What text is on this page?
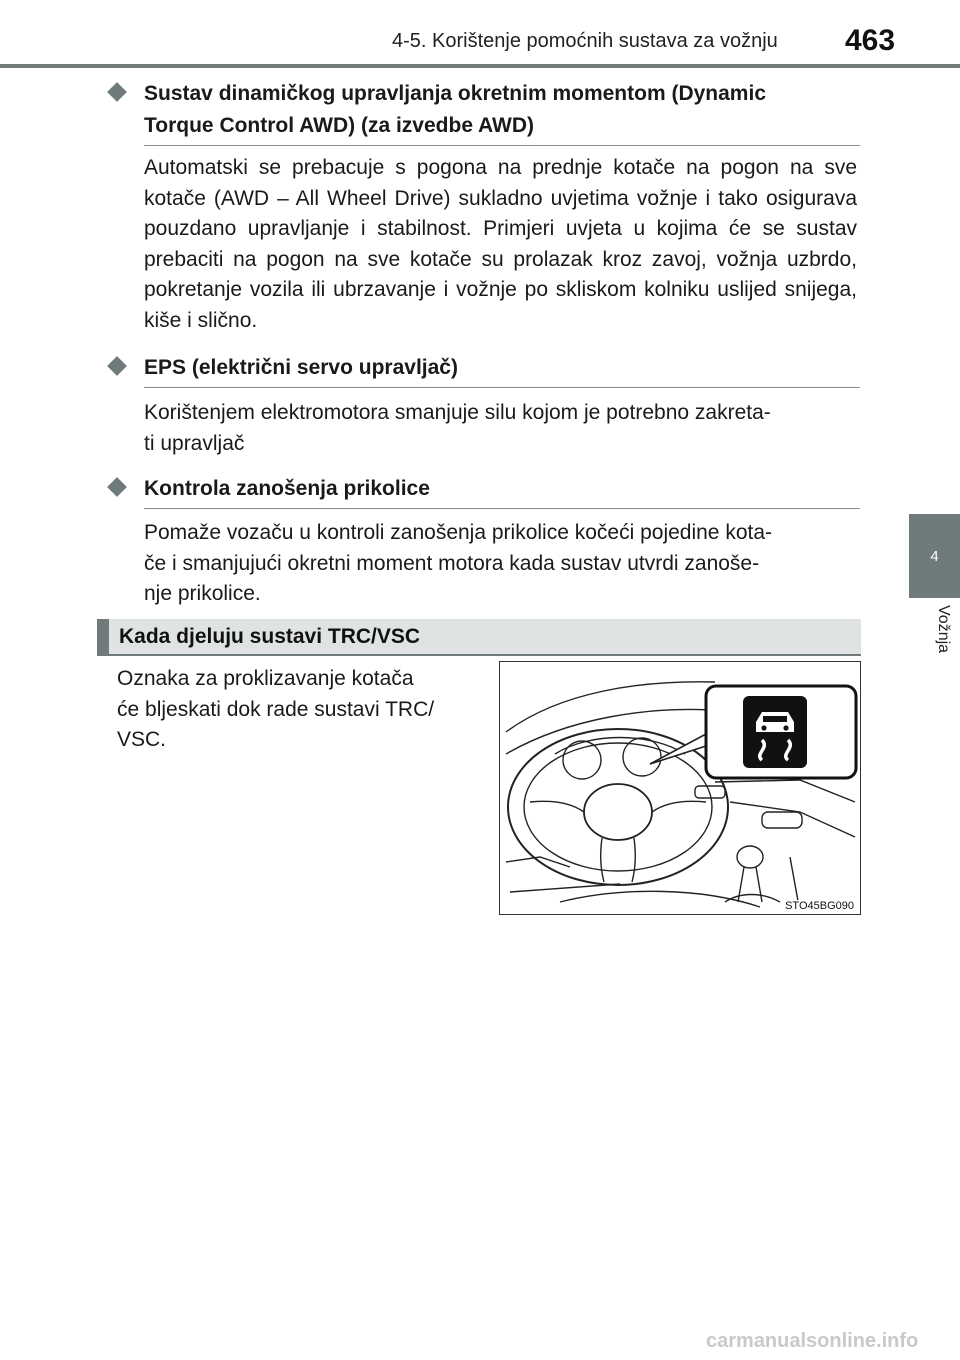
4-5. Korištenje pomoćnih sustava za vožnju 463
4
Vožnja
Sustav dinamičkog upravljanja okretnim momentom (Dynamic
Torque Control AWD) (za izvedbe AWD)
Automatski se prebacuje s pogona na prednje kotače na pogon na sve kotače (AWD – All Wheel Drive) sukladno uvjetima vožnje i tako osigurava pouzdano upravljanje i stabilnost. Primjeri uvjeta u kojima će se sustav prebaciti na pogon na sve kotače su prolazak kroz zavoj, vožnja uzbrdo, pokretanje vozila ili ubrzavanje i vožnje po skliskom kolniku uslijed snijega, kiše i slično.
EPS (električni servo upravljač)
Korištenjem elektromotora smanjuje silu kojom je potrebno zakreta-
ti upravljač
Kontrola zanošenja prikolice
Pomaže vozaču u kontroli zanošenja prikolice kočeći pojedine kota-
če i smanjujući okretni moment motora kada sustav utvrdi zanoše-
nje prikolice.
Kada djeluju sustavi TRC/VSC
Oznaka za proklizavanje kotača
će bljeskati dok rade sustavi TRC/
VSC.
STO45BG090
carmanualsonline.info
